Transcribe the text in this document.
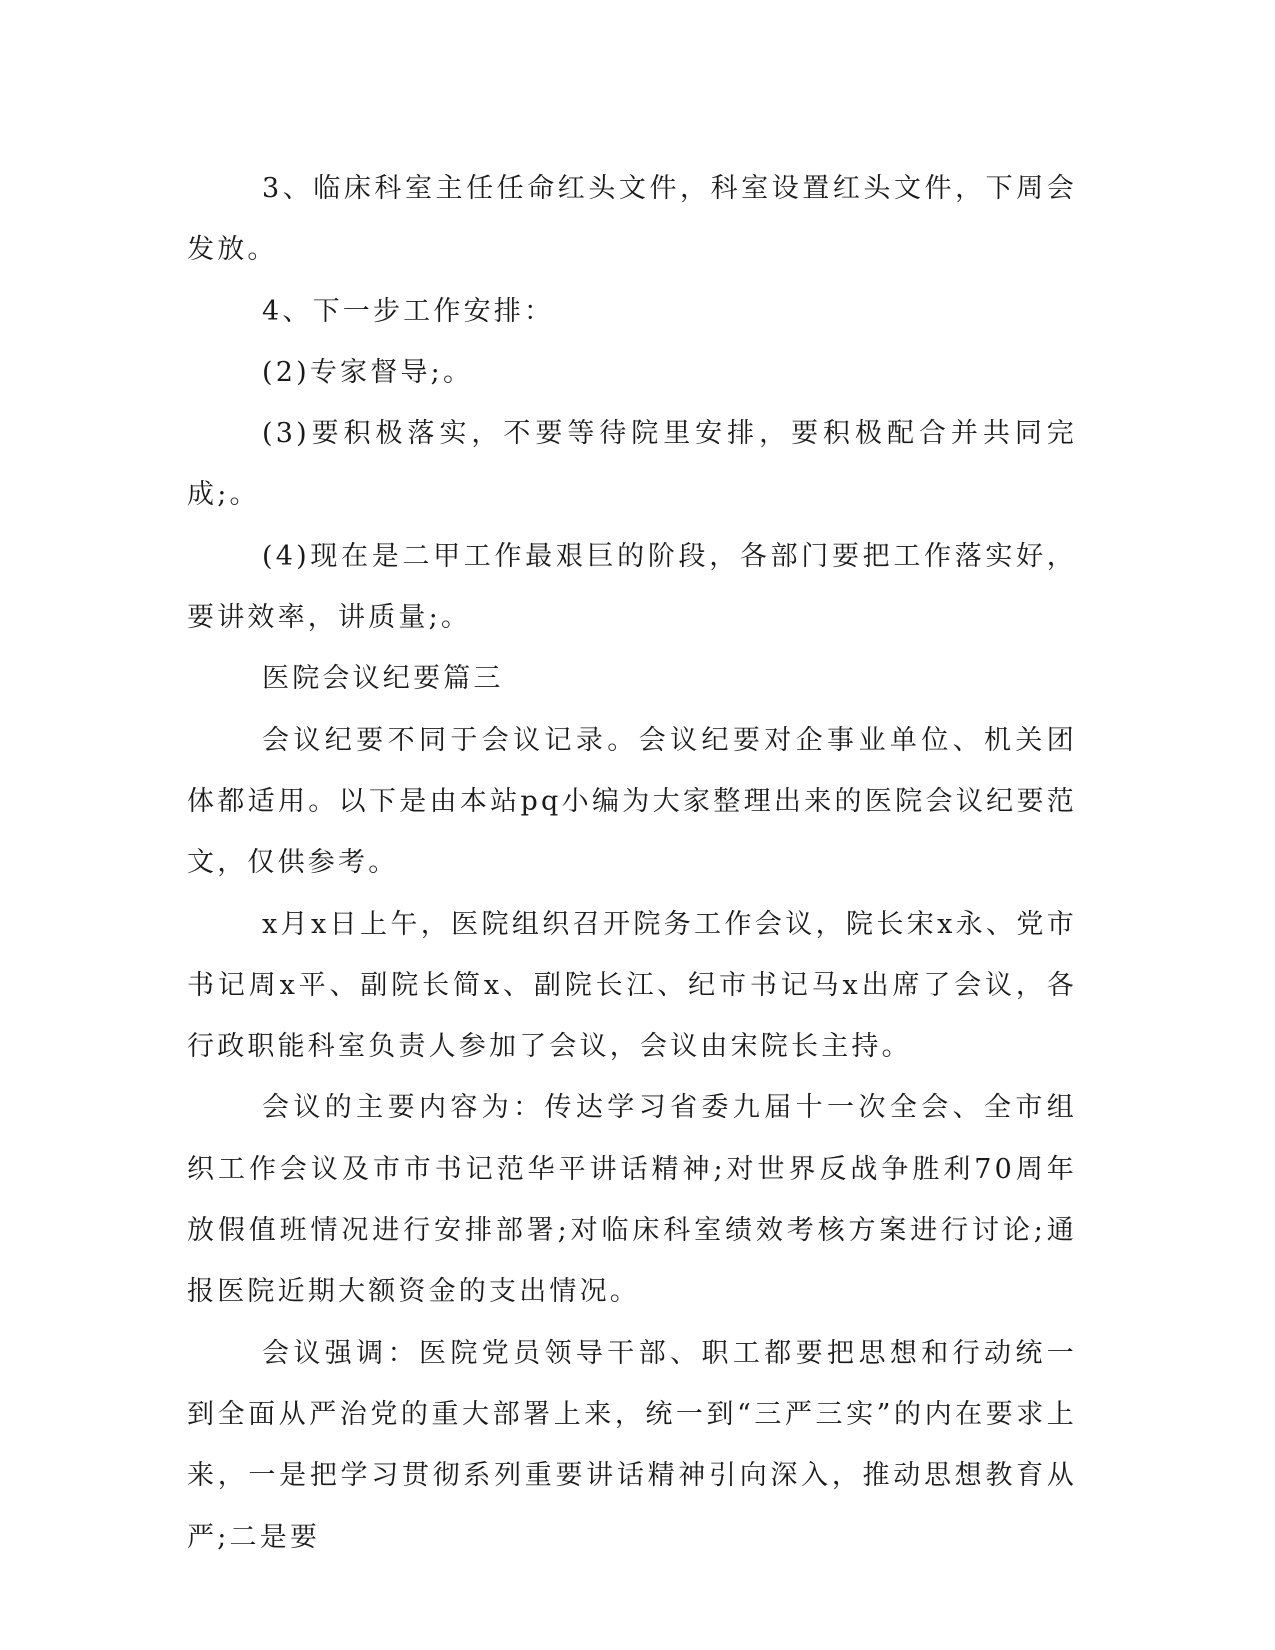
3、临床科室主任任命红头文件，科室设置红头文件，下周会发放。

4、下一步工作安排：

(2)专家督导;。

(3)要积极落实，不要等待院里安排，要积极配合并共同完成;。

(4)现在是二甲工作最艰巨的阶段，各部门要把工作落实好，要讲效率，讲质量;。

医院会议纪要篇三

会议纪要不同于会议记录。会议纪要对企事业单位、机关团体都适用。以下是由本站pq小编为大家整理出来的医院会议纪要范文，仅供参考。

x月x日上午，医院组织召开院务工作会议，院长宋x永、党市书记周x平、副院长简x、副院长江、纪市书记马x出席了会议，各行政职能科室负责人参加了会议，会议由宋院长主持。

会议的主要内容为：传达学习省委九届十一次全会、全市组织工作会议及市市书记范华平讲话精神;对世界反战争胜利70周年放假值班情况进行安排部署;对临床科室绩效考核方案进行讨论;通报医院近期大额资金的支出情况。

会议强调：医院党员领导干部、职工都要把思想和行动统一到全面从严治党的重大部署上来，统一到“三严三实”的内在要求上来，一是把学习贯彻系列重要讲话精神引向深入，推动思想教育从严;二是要
